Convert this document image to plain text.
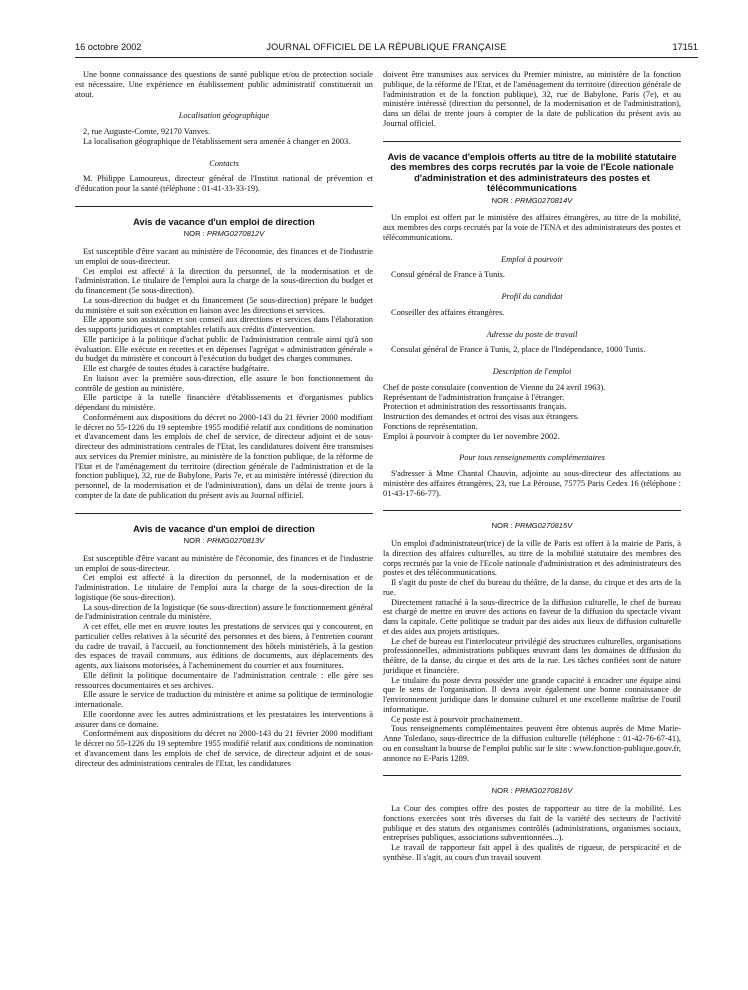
16 octobre 2002	JOURNAL OFFICIEL DE LA RÉPUBLIQUE FRANÇAISE	17151

Une bonne connaissance des questions de santé publique et/ou de protection sociale est nécessaire. Une expérience en établissement public administratif constituerait un atout.

Localisation géographique

2, rue Auguste-Comte, 92170 Vanves.

La localisation géographique de l'établissement sera amenée à changer en 2003.

Contacts

M. Philippe Lamoureux, directeur général de l'Institut national de prévention et d'éducation pour la santé (téléphone : 01-41-33-33-19).

Avis de vacance d'un emploi de direction

NOR : PRMG0270812V

Est susceptible d'être vacant au ministère de l'économie, des finances et de l'industrie un emploi de sous-directeur.

Cet emploi est affecté à la direction du personnel, de la modernisation et de l'administration. Le titulaire de l'emploi aura la charge de la sous-direction du budget et du financement (5e sous-direction).

La sous-direction du budget et du financement (5e sous-direction) prépare le budget du ministère et suit son exécution en liaison avec les directions et services.

Elle apporte son assistance et son conseil aux directions et services dans l'élaboration des supports juridiques et comptables relatifs aux crédits d'intervention.

Elle participe à la politique d'achat public de l'administration centrale ainsi qu'à son évaluation. Elle exécute en recettes et en dépenses l'agrégat « administration générale » du budget du ministère et concourt à l'exécution du budget des charges communes.

Elle est chargée de toutes études à caractère budgétaire.

En liaison avec la première sous-direction, elle assure le bon fonctionnement du contrôle de gestion au ministère.

Elle participe à la tutelle financière d'établissements et d'organismes publics dépendant du ministère.

Conformément aux dispositions du décret no 2000-143 du 21 février 2000 modifiant le décret no 55-1226 du 19 septembre 1955 modifié relatif aux conditions de nomination et d'avancement dans les emplois de chef de service, de directeur adjoint et de sous-directeur des administrations centrales de l'Etat, les candidatures doivent être transmises aux services du Premier ministre, au ministère de la fonction publique, de la réforme de l'Etat et de l'aménagement du territoire (direction générale de l'administration et de la fonction publique), 32, rue de Babylone, Paris 7e, et au ministère intéressé (direction du personnel, de la modernisation et de l'administration), dans un délai de trente jours à compter de la date de publication du présent avis au Journal officiel.

Avis de vacance d'un emploi de direction

NOR : PRMG0270813V

Est susceptible d'être vacant au ministère de l'économie, des finances et de l'industrie un emploi de sous-directeur.

Cet emploi est affecté à la direction du personnel, de la modernisation et de l'administration. Le titulaire de l'emploi aura la charge de la sous-direction de la logistique (6e sous-direction).

La sous-direction de la logistique (6e sous-direction) assure le fonctionnement général de l'administration centrale du ministère.

A cet effet, elle met en œuvre toutes les prestations de services qui y concourent, en particulier celles relatives à la sécurité des personnes et des biens, à l'entretien courant du cadre de travail, à l'accueil, au fonctionnement des hôtels ministériels, à la gestion des espaces de travail communs, aux éditions de documents, aux déplacements des agents, aux liaisons motorisées, à l'acheminement du courrier et aux fournitures.

Elle définit la politique documentaire de l'administration centrale : elle gère ses ressources documentaires et ses archives.

Elle assure le service de traduction du ministère et anime sa politique de terminologie internationale.

Elle coordonne avec les autres administrations et les prestataires les interventions à assurer dans ce domaine.

Conformément aux dispositions du décret no 2000-143 du 21 février 2000 modifiant le décret no 55-1226 du 19 septembre 1955 modifié relatif aux conditions de nomination et d'avancement dans les emplois de chef de service, de directeur adjoint et de sous-directeur des administrations centrales de l'Etat, les candidatures

doivent être transmises aux services du Premier ministre, au ministère de la fonction publique, de la réforme de l'Etat, et de l'aménagement du territoire (direction générale de l'administration et de la fonction publique), 32, rue de Babylone, Paris (7e), et au ministère intéressé (direction du personnel, de la modernisation et de l'administration), dans un délai de trente jours à compter de la date de publication du présent avis au Journal officiel.

Avis de vacance d'emplois offerts au titre de la mobilité statutaire des membres des corps recrutés par la voie de l'Ecole nationale d'administration et des administrateurs des postes et télécommunications

NOR : PRMG0270814V

Un emploi est offert par le ministère des affaires étrangères, au titre de la mobilité, aux membres des corps recrutés par la voie de l'ENA et des administrateurs des postes et télécommunications.

Emploi à pourvoir

Consul général de France à Tunis.

Profil du candidat

Conseiller des affaires étrangères.

Adresse du poste de travail

Consulat général de France à Tunis, 2, place de l'Indépendance, 1000 Tunis.

Description de l'emploi

Chef de poste consulaire (convention de Vienne du 24 avril 1963).

Représentant de l'administration française à l'étranger.

Protection et administration des ressortissants français.

Instruction des demandes et octroi des visas aux étrangers.

Fonctions de représentation.

Emploi à pourvoir à compter du 1er novembre 2002.

Pour tous renseignements complémentaires

S'adresser à Mme Chantal Chauvin, adjointe au sous-directeur des affectations au ministère des affaires étrangères, 23, rue La Pérouse, 75775 Paris Cedex 16 (téléphone : 01-43-17-66-77).

NOR : PRMG0270815V

Un emploi d'administrateur(trice) de la ville de Paris est offert à la mairie de Paris, à la direction des affaires culturelles, au titre de la mobilité statutaire des membres des corps recrutés par la voie de l'Ecole nationale d'administration et des administrateurs des postes et des télécommunications.

Il s'agit du poste de chef du bureau du théâtre, de la danse, du cirque et des arts de la rue.

Directement rattaché à la sous-directrice de la diffusion culturelle, le chef de bureau est chargé de mettre en œuvre des actions en faveur de la diffusion du spectacle vivant dans la capitale. Cette politique se traduit par des aides aux lieux de diffusion culturelle et des aides aux projets artistiques.

Le chef de bureau est l'interlocuteur privilégié des structures culturelles, organisations professionnelles, administrations publiques œuvrant dans les domaines de diffusion du théâtre, de la danse, du cirque et des arts de la rue. Les tâches confiées sont de nature juridique et financière.

Le titulaire du poste devra posséder une grande capacité à encadrer une équipe ainsi que le sens de l'organisation. Il devra avoir également une bonne connaissance de l'environnement juridique dans le domaine culturel et une excellente maîtrise de l'outil informatique.

Ce poste est à pourvoir prochainement.

Tous renseignements complémentaires peuvent être obtenus auprès de Mme Marie-Anne Toledano, sous-directrice de la diffusion culturelle (téléphone : 01-42-76-67-41), ou en consultant la bourse de l'emploi public sur le site : www.fonction-publique.gouv.fr, annonce no E-Paris 1289.

NOR : PRMG0270816V

La Cour des comptes offre des postes de rapporteur au titre de la mobilité. Les fonctions exercées sont très diverses du fait de la variété des secteurs de l'activité publique et des statuts des organismes contrôlés (administrations, organismes sociaux, entreprises publiques, associations subventionnées...).

Le travail de rapporteur fait appel à des qualités de rigueur, de perspicacité et de synthèse. Il s'agit, au cours d'un travail souvent
